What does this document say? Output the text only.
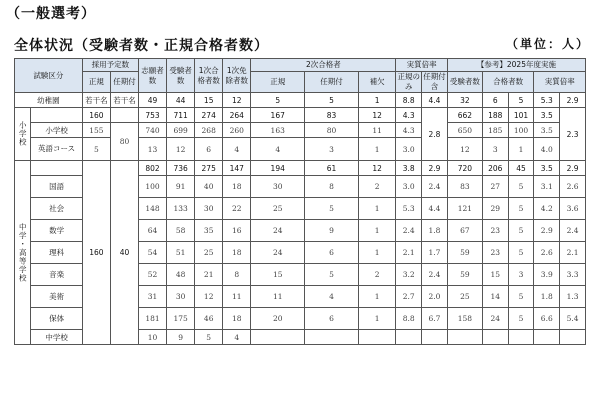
（一般選考）
全体状況（受験者数・正規合格者数）	（単位：人）
試験区分		採用予定数		志願者数	受験者数	1次合格者数	1次免除者数	2次合格者			実質倍率		【参考】2025年度実施				
		正規	任期付					正規	任期付	補欠	正規のみ	任期付含	受験者数	合格者数		実質倍率	
幼稚園		若干名	若干名	49	44	15	12	5	5	1	8.8	4.4	32	6	5	5.3	2.9
小学校		160		753	711	274	264	167	83	12	4.3	2.8	662	188	101	3.5	2.3
	小学校	155	80	740	699	268	260	163	80	11	4.3		650	185	100	3.5	
	英語コース	5		13	12	6	4	4	3	1	3.0		12	3	1	4.0	
中学・高等学校		160	40	802	736	275	147	194	61	12	3.8	2.9	720	206	45	3.5	2.9
	国語			100	91	40	18	30	8	2	3.0	2.4	83	27	5	3.1	2.6
	社会			148	133	30	22	25	5	1	5.3	4.4	121	29	5	4.2	3.6
	数学			64	58	35	16	24	9	1	2.4	1.8	67	23	5	2.9	2.4
	理科			54	51	25	18	24	6	1	2.1	1.7	59	23	5	2.6	2.1
	音楽			52	48	21	8	15	5	2	3.2	2.4	59	15	3	3.9	3.3
	美術			31	30	12	11	11	4	1	2.7	2.0	25	14	5	1.8	1.3
	保体			181	175	46	18	20	6	1	8.8	6.7	158	24	5	6.6	5.4
	中学校			10	9	5	4										
